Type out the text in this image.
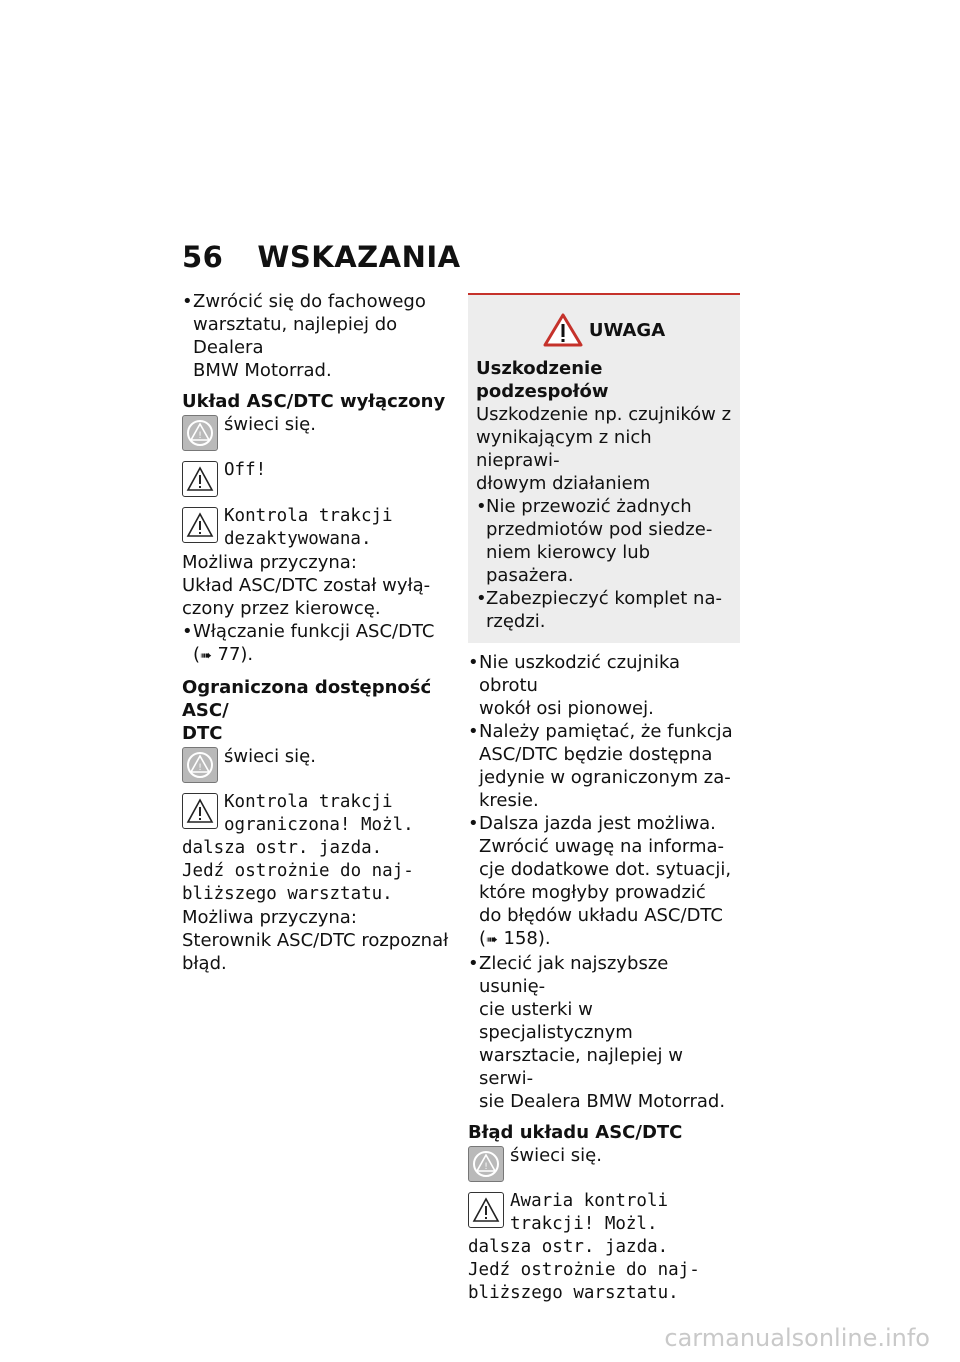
56 WSKAZANIA
• Zwrócić się do fachowego

warsztatu, najlepiej do Dealera

BMW Motorrad.

Układ ASC/DTC wyłączony

!

świeci się.

Off!

Kontrola trakcji

dezaktywowana.

Możliwa przyczyna:

Układ ASC/DTC został wyłą-

czony przez kierowcę.

• Włączanie funkcji ASC/DTC

(➠ 77).

Ograniczona dostępność ASC/

DTC

!

świeci się.

Kontrola trakcji

ograniczona! Możl.

dalsza ostr. jazda.

Jedź ostrożnie do naj-

bliższego warsztatu.

Możliwa przyczyna:

Sterownik ASC/DTC rozpoznał

błąd.

UWAGA

Uszkodzenie podzespołów

Uszkodzenie np. czujników z

wynikającym z nich nieprawi-

dłowym działaniem

• Nie przewozić żadnych

przedmiotów pod siedze-

niem kierowcy lub pasażera.

• Zabezpieczyć komplet na-

rzędzi.

• Nie uszkodzić czujnika obrotu

wokół osi pionowej.

• Należy pamiętać, że funkcja

ASC/DTC będzie dostępna

jedynie w ograniczonym za-

kresie.

• Dalsza jazda jest możliwa.

Zwrócić uwagę na informa-

cje dodatkowe dot. sytuacji,

które mogłyby prowadzić

do błędów układu ASC/DTC

(➠ 158).

• Zlecić jak najszybsze usunię-

cie usterki w specjalistycznym

warsztacie, najlepiej w serwi-

sie Dealera BMW Motorrad.

Błąd układu ASC/DTC

!

świeci się.

Awaria kontroli

trakcji! Możl.

dalsza ostr. jazda.

Jedź ostrożnie do naj-

bliższego warsztatu.

carmanualsonline.info
